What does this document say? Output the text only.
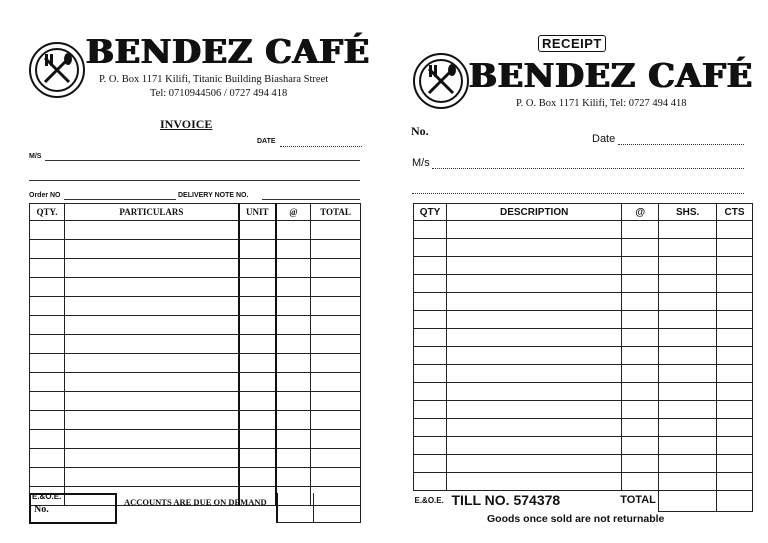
BENDEZ CAFÉ
P. O. Box 1171 Kilifi, Titanic Building Biashara Street
Tel: 0710944506 / 0727 494 418
INVOICE
DATE
M/S
Order NO	DELIVERY NOTE NO.
QTY.	PARTICULARS	UNIT	@	TOTAL

E.&O.E.				
No.
ACCOUNTS ARE DUE ON DEMAND
RECEIPT
BENDEZ CAFÉ
P. O. Box 1171 Kilifi, Tel: 0727 494 418
No.
Date
M/s
QTY	DESCRIPTION	@	SHS.	CTS

E.&O.E. TILL NO. 574378 TOTAL				

Goods once sold are not returnable
